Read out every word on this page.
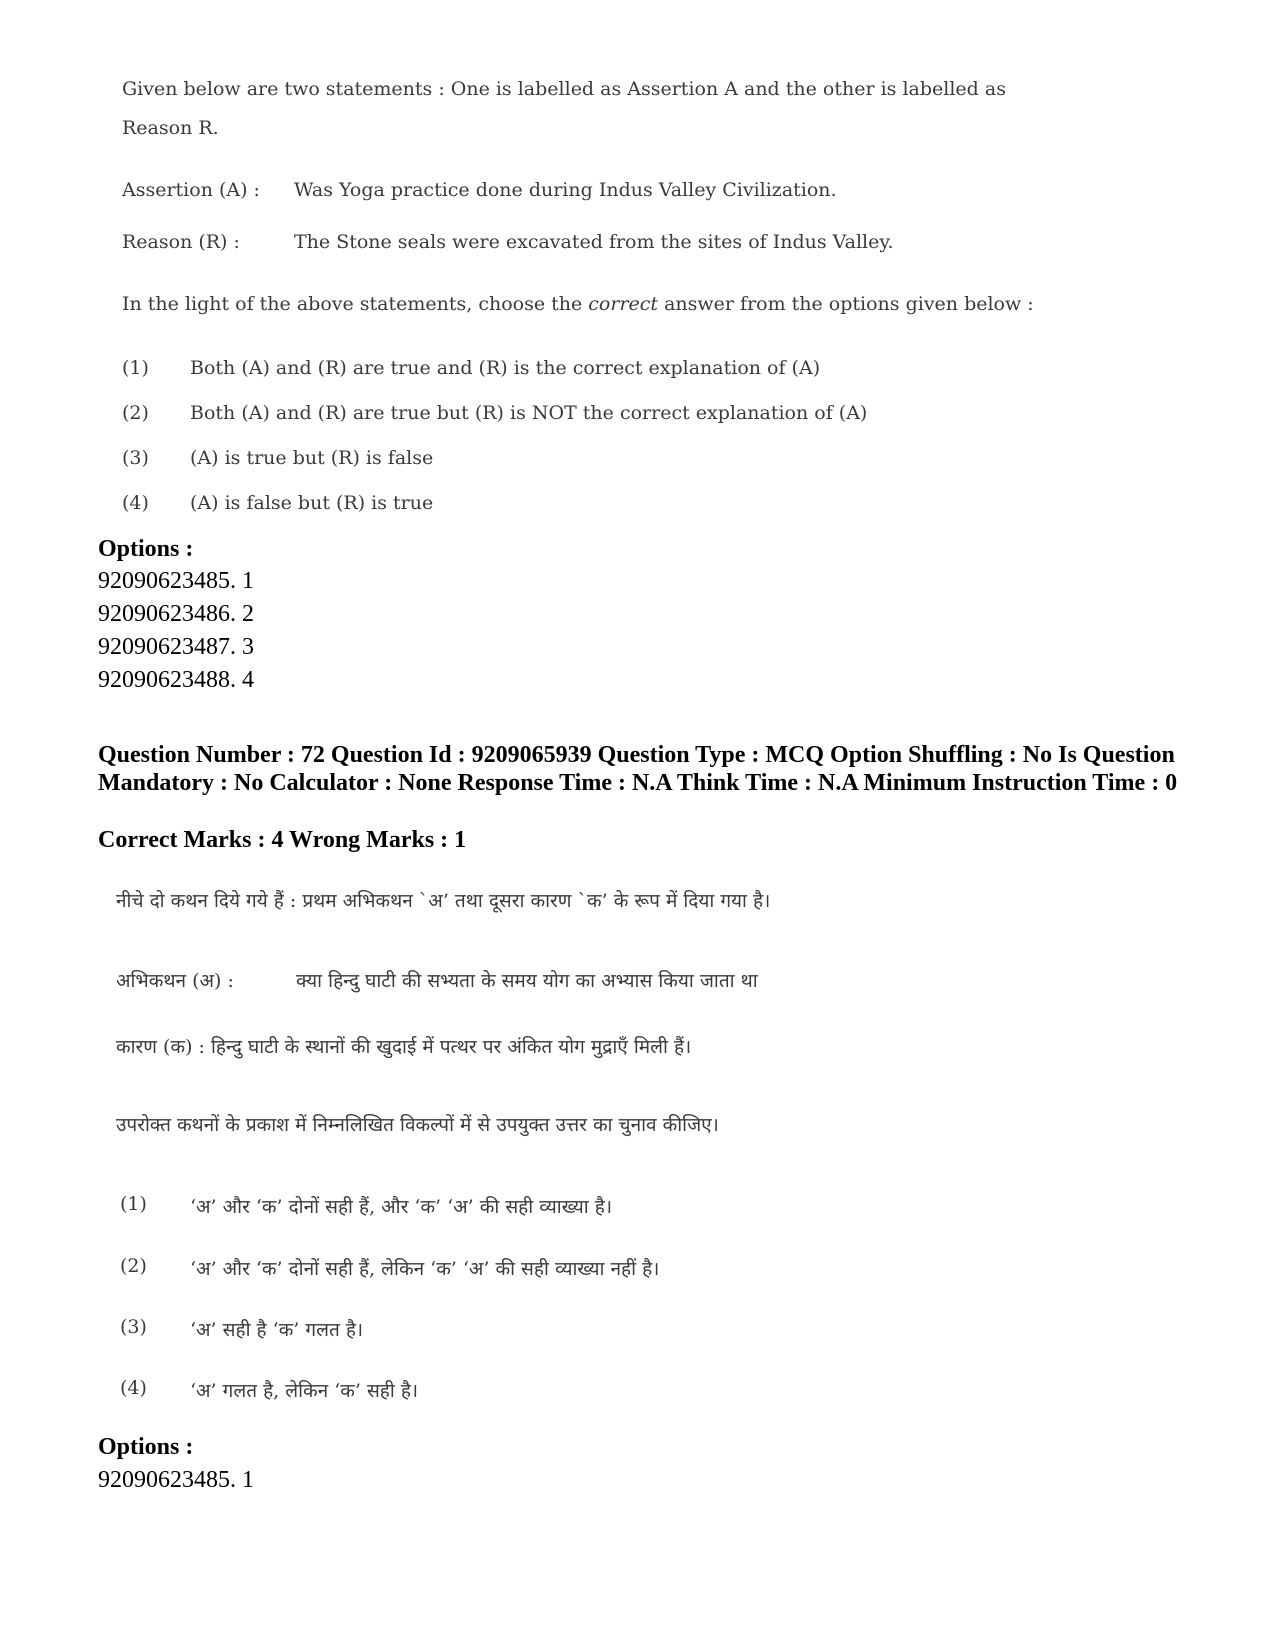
Given below are two statements : One is labelled as Assertion A and the other is labelled as
Reason R.
Assertion (A) : Was Yoga practice done during Indus Valley Civilization.
Reason (R) :	The Stone seals were excavated from the sites of Indus Valley.
In the light of the above statements, choose the correct answer from the options given below :
(1) Both (A) and (R) are true and (R) is the correct explanation of (A)
(2) Both (A) and (R) are true but (R) is NOT the correct explanation of (A)
(3) (A) is true but (R) is false
(4) (A) is false but (R) is true
Options :
92090623485. 1
92090623486. 2
92090623487. 3
92090623488. 4
Question Number : 72 Question Id : 9209065939 Question Type : MCQ Option Shuffling : No Is Question Mandatory : No Calculator : None Response Time : N.A Think Time : N.A Minimum Instruction Time : 0
Correct Marks : 4 Wrong Marks : 1
नीचे दो कथन दिये गये हैं : प्रथम अभिकथन `अ’ तथा दूसरा कारण `क’ के रूप में दिया गया है।
अभिकथन (अ) :	क्या हिन्दु घाटी की सभ्यता के समय योग का अभ्यास किया जाता था
कारण (क) : हिन्दु घाटी के स्थानों की खुदाई में पत्थर पर अंकित योग मुद्राएँ मिली हैं।
उपरोक्त कथनों के प्रकाश में निम्नलिखित विकल्पों में से उपयुक्त उत्तर का चुनाव कीजिए।
(1) ‘अ’ और ‘क’ दोनों सही हैं, और ‘क’ ‘अ’ की सही व्याख्या है।
(2) ‘अ’ और ‘क’ दोनों सही हैं, लेकिन ‘क’ ‘अ’ की सही व्याख्या नहीं है।
(3) ‘अ’ सही है ‘क’ गलत है।
(4) ‘अ’ गलत है, लेकिन ‘क’ सही है।
Options :
92090623485. 1
